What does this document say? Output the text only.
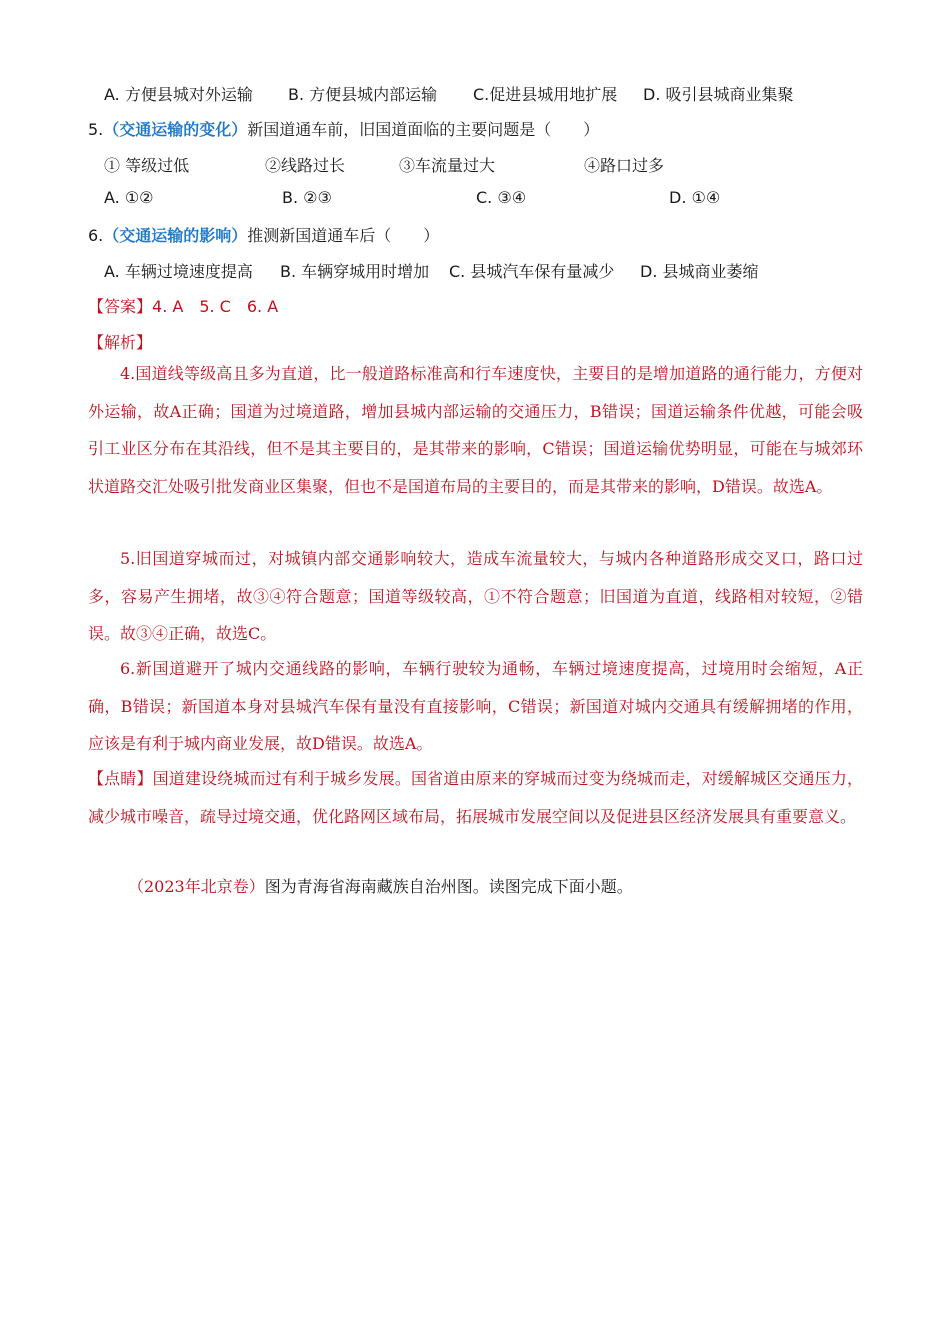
A. 方便县城对外运输 B. 方便县城内部运输 C.促进县城用地扩展 D. 吸引县城商业集聚
5.（交通运输的变化）新国道通车前，旧国道面临的主要问题是（　　）
① 等级过低	②线路过长	③车流量过大	④路口过多
A. ①②	B. ②③	C. ③④	D. ①④
6.（交通运输的影响）推测新国道通车后（　　）
A. 车辆过境速度提高 B. 车辆穿城用时增加 C. 县城汽车保有量减少 D. 县城商业萎缩
【答案】4. A　5. C　6. A
【解析】
4.国道线等级高且多为直道，比一般道路标准高和行车速度快，主要目的是增加道路的通行能力，方便对外运输，故A正确；国道为过境道路，增加县城内部运输的交通压力，B错误；国道运输条件优越，可能会吸引工业区分布在其沿线，但不是其主要目的，是其带来的影响，C错误；国道运输优势明显，可能在与城郊环状道路交汇处吸引批发商业区集聚，但也不是国道布局的主要目的，而是其带来的影响，D错误。故选A。
5.旧国道穿城而过，对城镇内部交通影响较大，造成车流量较大，与城内各种道路形成交叉口，路口过多，容易产生拥堵，故③④符合题意；国道等级较高，①不符合题意；旧国道为直道，线路相对较短，②错误。故③④正确，故选C。
6.新国道避开了城内交通线路的影响，车辆行驶较为通畅，车辆过境速度提高，过境用时会缩短，A正确，B错误；新国道本身对县城汽车保有量没有直接影响，C错误；新国道对城内交通具有缓解拥堵的作用，应该是有利于城内商业发展，故D错误。故选A。
【点睛】国道建设绕城而过有利于城乡发展。国省道由原来的穿城而过变为绕城而走，对缓解城区交通压力，减少城市噪音，疏导过境交通，优化路网区域布局，拓展城市发展空间以及促进县区经济发展具有重要意义。
（2023年北京卷）图为青海省海南藏族自治州图。读图完成下面小题。
